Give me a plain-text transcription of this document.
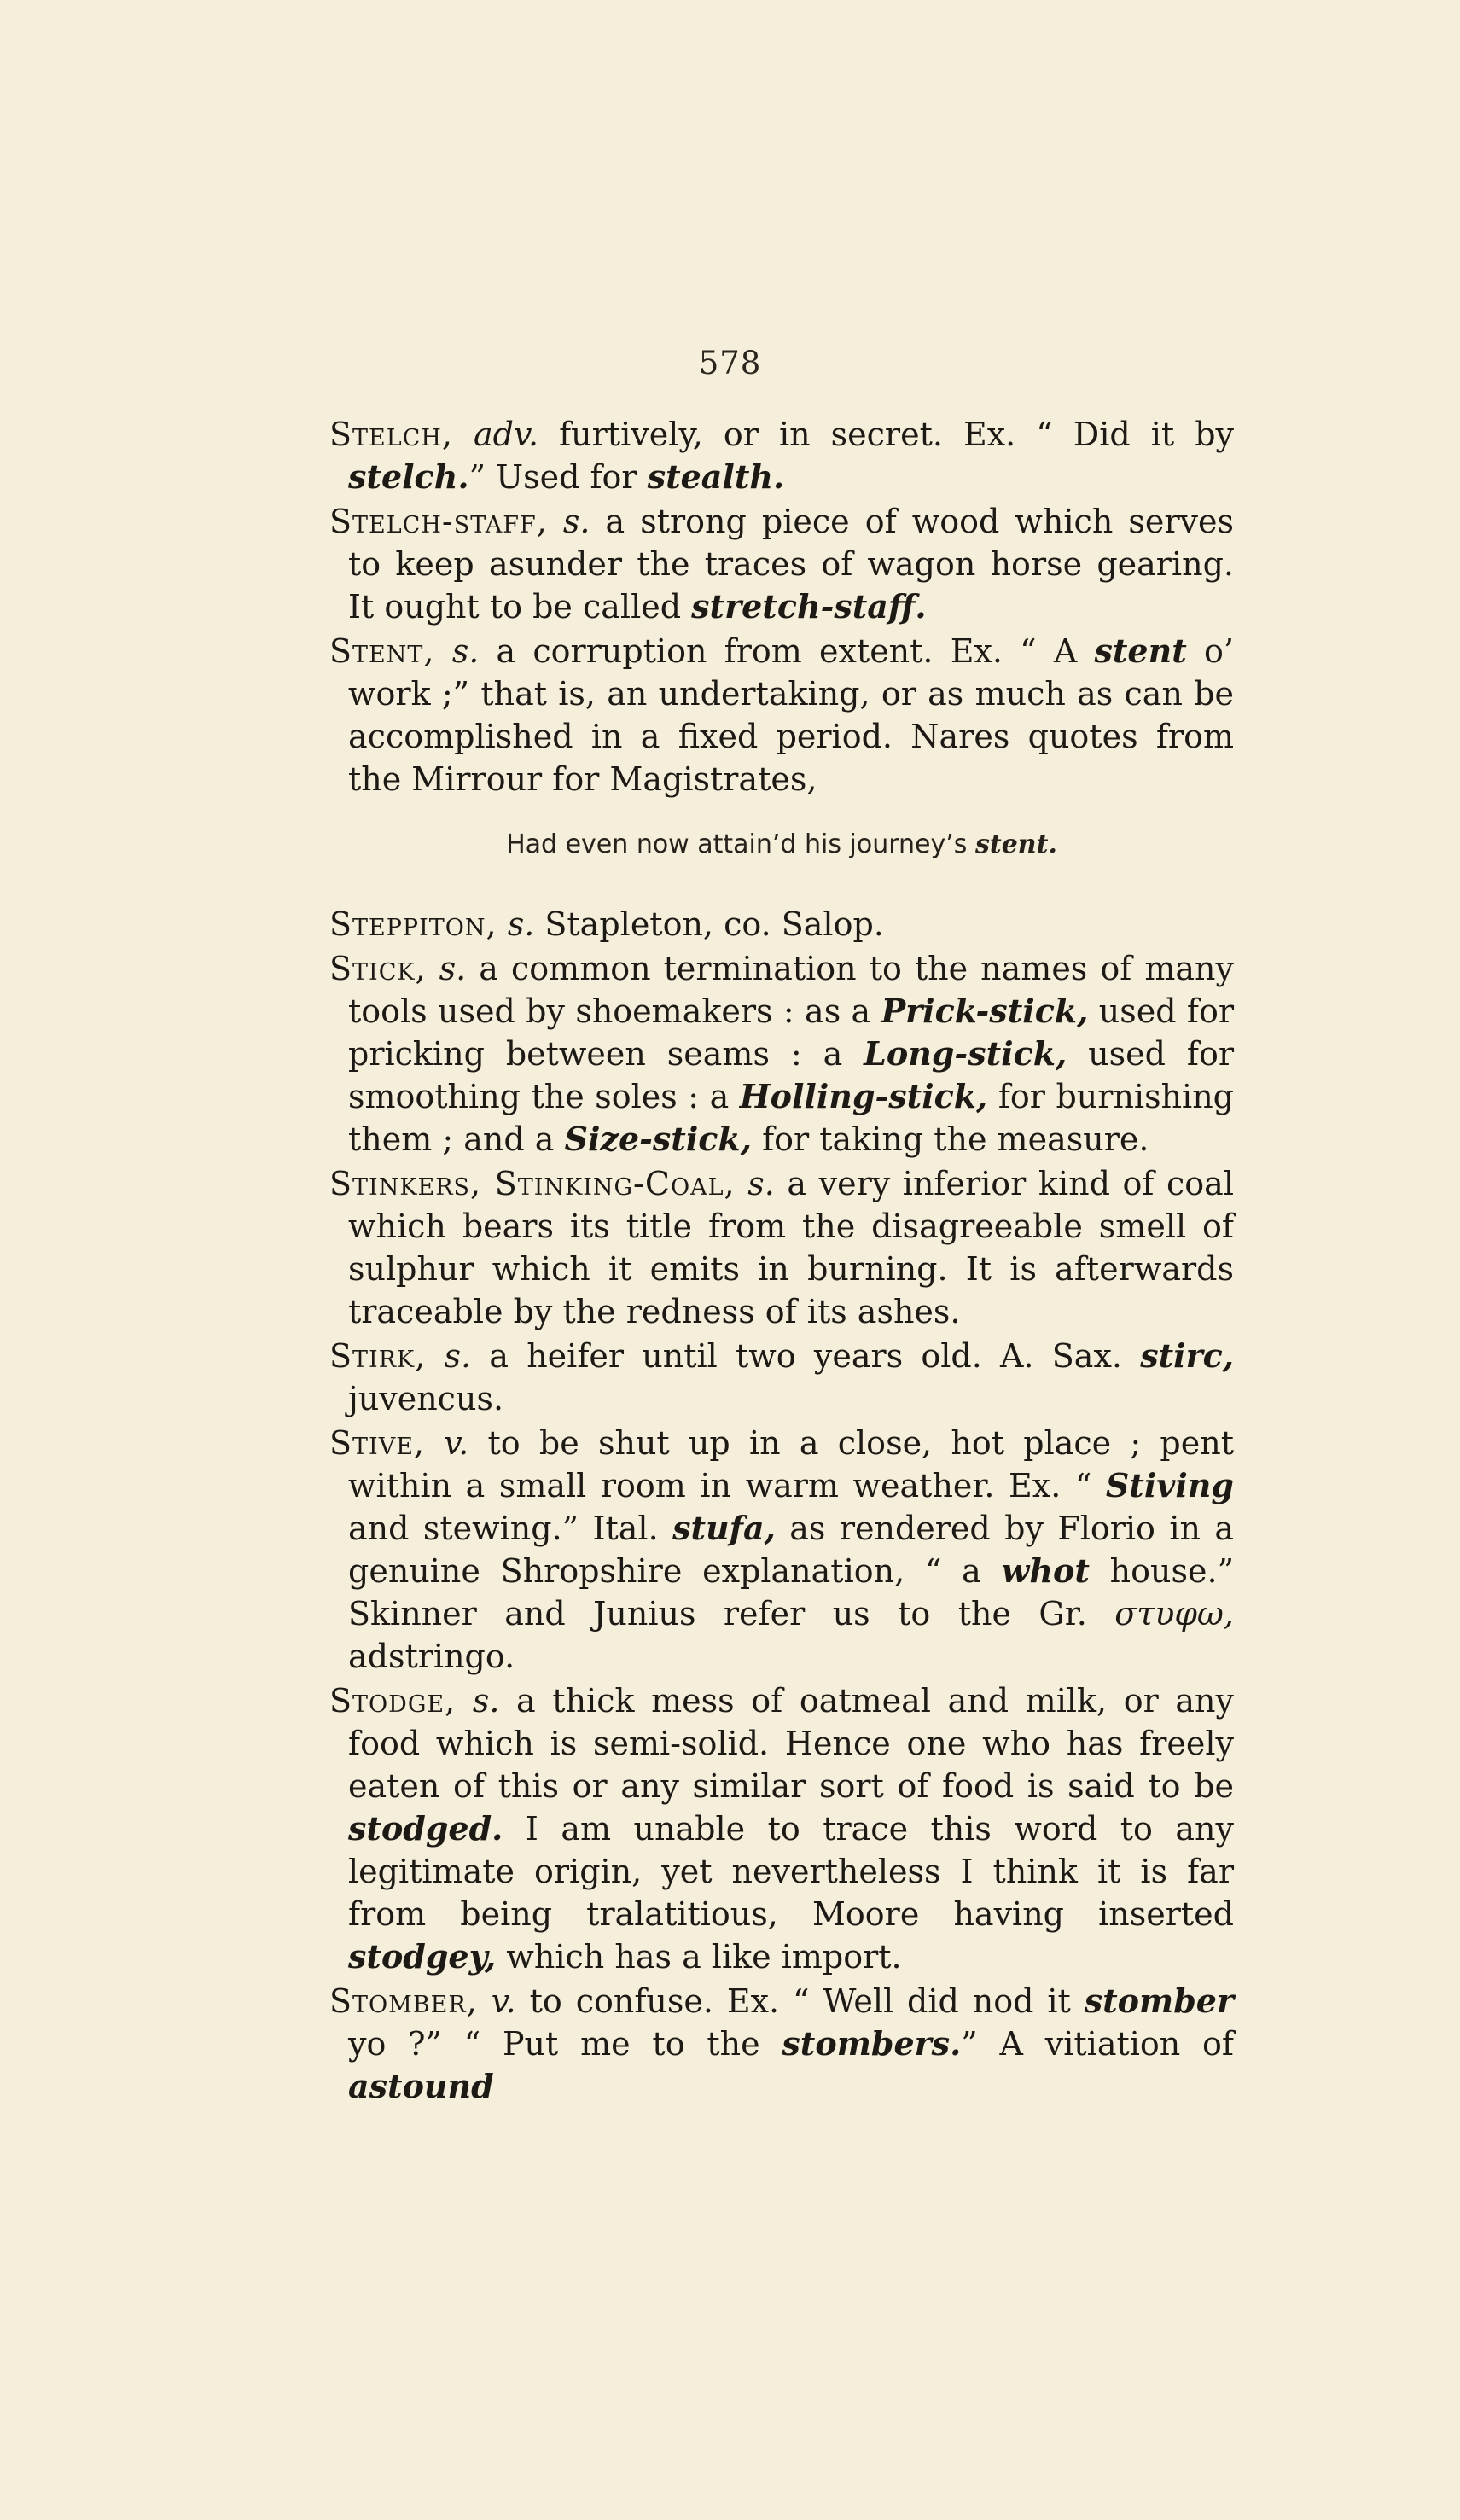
578

Stelch, adv. furtively, or in secret. Ex. “ Did it by stelch.” Used for stealth.

Stelch-staff, s. a strong piece of wood which serves to keep asunder the traces of wagon horse gearing. It ought to be called stretch-staff.

Stent, s. a corruption from extent. Ex. “ A stent o’ work ;” that is, an undertaking, or as much as can be accomplished in a fixed period. Nares quotes from the Mirrour for Magistrates,

Had even now attain’d his journey’s stent.

Steppiton, s. Stapleton, co. Salop.

Stick, s. a common termination to the names of many tools used by shoemakers : as a Prick-stick, used for pricking between seams : a Long-stick, used for smoothing the soles : a Holling-stick, for burnishing them ; and a Size-stick, for taking the measure.

Stinkers, Stinking-Coal, s. a very inferior kind of coal which bears its title from the disagreeable smell of sulphur which it emits in burning. It is afterwards traceable by the redness of its ashes.

Stirk, s. a heifer until two years old. A. Sax. stirc, juvencus.

Stive, v. to be shut up in a close, hot place ; pent within a small room in warm weather. Ex. “ Stiving and stewing.” Ital. stufa, as rendered by Florio in a genuine Shropshire explanation, “ a whot house.” Skinner and Junius refer us to the Gr. στυφω, adstringo.

Stodge, s. a thick mess of oatmeal and milk, or any food which is semi-solid. Hence one who has freely eaten of this or any similar sort of food is said to be stodged. I am unable to trace this word to any legitimate origin, yet nevertheless I think it is far from being tralatitious, Moore having inserted stodgey, which has a like import.

Stomber, v. to confuse. Ex. “ Well did nod it stomber yo ?” “ Put me to the stombers.” A vitiation of astound
